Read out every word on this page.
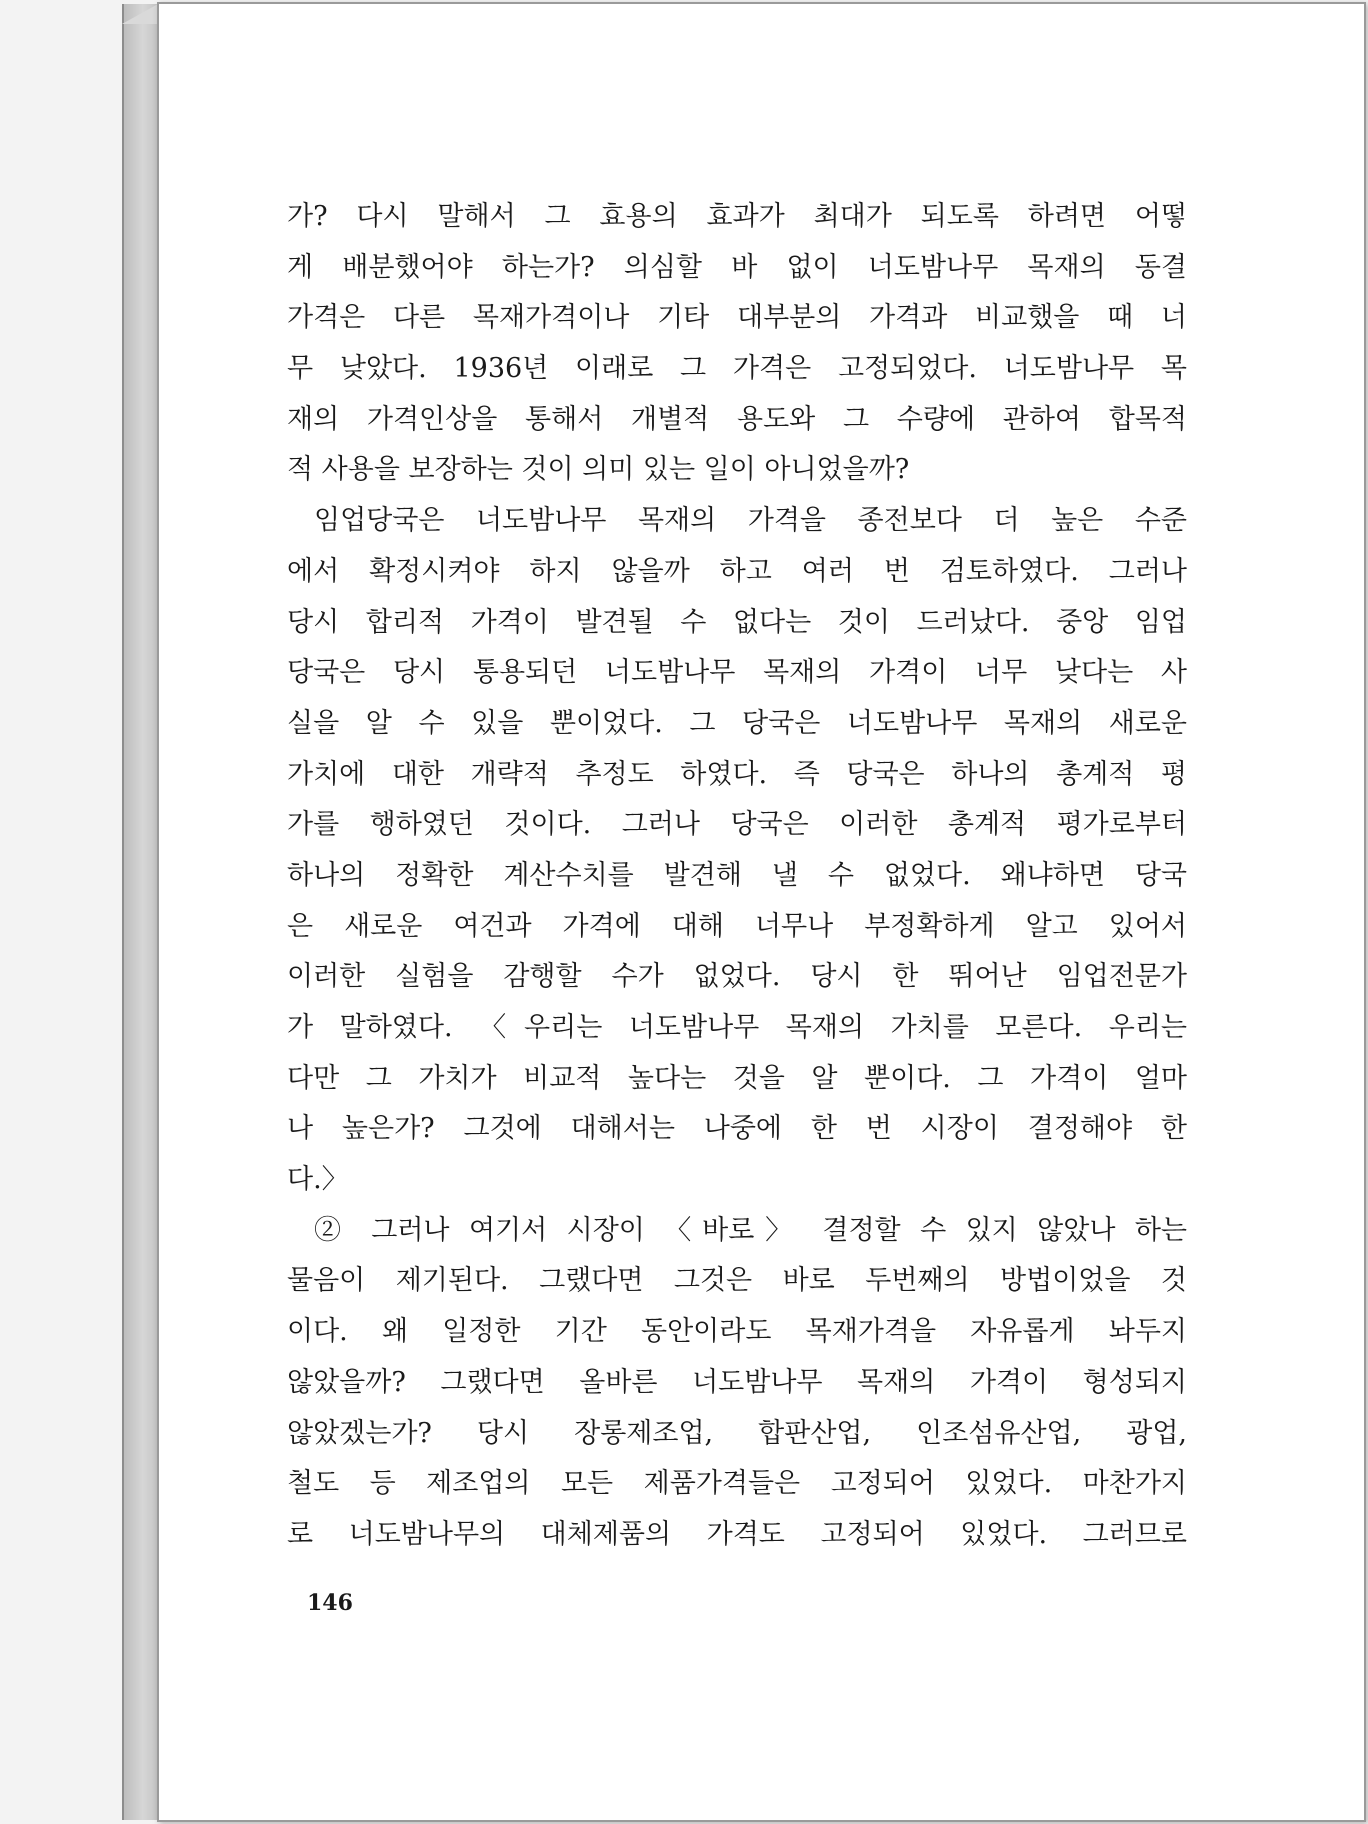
가? 다시 말해서 그 효용의 효과가 최대가 되도록 하려면 어떻
게 배분했어야 하는가? 의심할 바 없이 너도밤나무 목재의 동결
가격은 다른 목재가격이나 기타 대부분의 가격과 비교했을 때 너
무 낮았다. 1936년 이래로 그 가격은 고정되었다. 너도밤나무 목
재의 가격인상을 통해서 개별적 용도와 그 수량에 관하여 합목적
적 사용을 보장하는 것이 의미 있는 일이 아니었을까?
임업당국은 너도밤나무 목재의 가격을 종전보다 더 높은 수준
에서 확정시켜야 하지 않을까 하고 여러 번 검토하였다. 그러나
당시 합리적 가격이 발견될 수 없다는 것이 드러났다. 중앙 임업
당국은 당시 통용되던 너도밤나무 목재의 가격이 너무 낮다는 사
실을 알 수 있을 뿐이었다. 그 당국은 너도밤나무 목재의 새로운
가치에 대한 개략적 추정도 하였다. 즉 당국은 하나의 총계적 평
가를 행하였던 것이다. 그러나 당국은 이러한 총계적 평가로부터
하나의 정확한 계산수치를 발견해 낼 수 없었다. 왜냐하면 당국
은 새로운 여건과 가격에 대해 너무나 부정확하게 알고 있어서
이러한 실험을 감행할 수가 없었다. 당시 한 뛰어난 임업전문가
가 말하였다. 〈우리는 너도밤나무 목재의 가치를 모른다. 우리는
다만 그 가치가 비교적 높다는 것을 알 뿐이다. 그 가격이 얼마
나 높은가? 그것에 대해서는 나중에 한 번 시장이 결정해야 한
다.〉
② 그러나 여기서 시장이 〈바로〉 결정할 수 있지 않았나 하는
물음이 제기된다. 그랬다면 그것은 바로 두번째의 방법이었을 것
이다. 왜 일정한 기간 동안이라도 목재가격을 자유롭게 놔두지
않았을까? 그랬다면 올바른 너도밤나무 목재의 가격이 형성되지
않았겠는가? 당시 장롱제조업, 합판산업, 인조섬유산업, 광업,
철도 등 제조업의 모든 제품가격들은 고정되어 있었다. 마찬가지
로 너도밤나무의 대체제품의 가격도 고정되어 있었다. 그러므로
146
